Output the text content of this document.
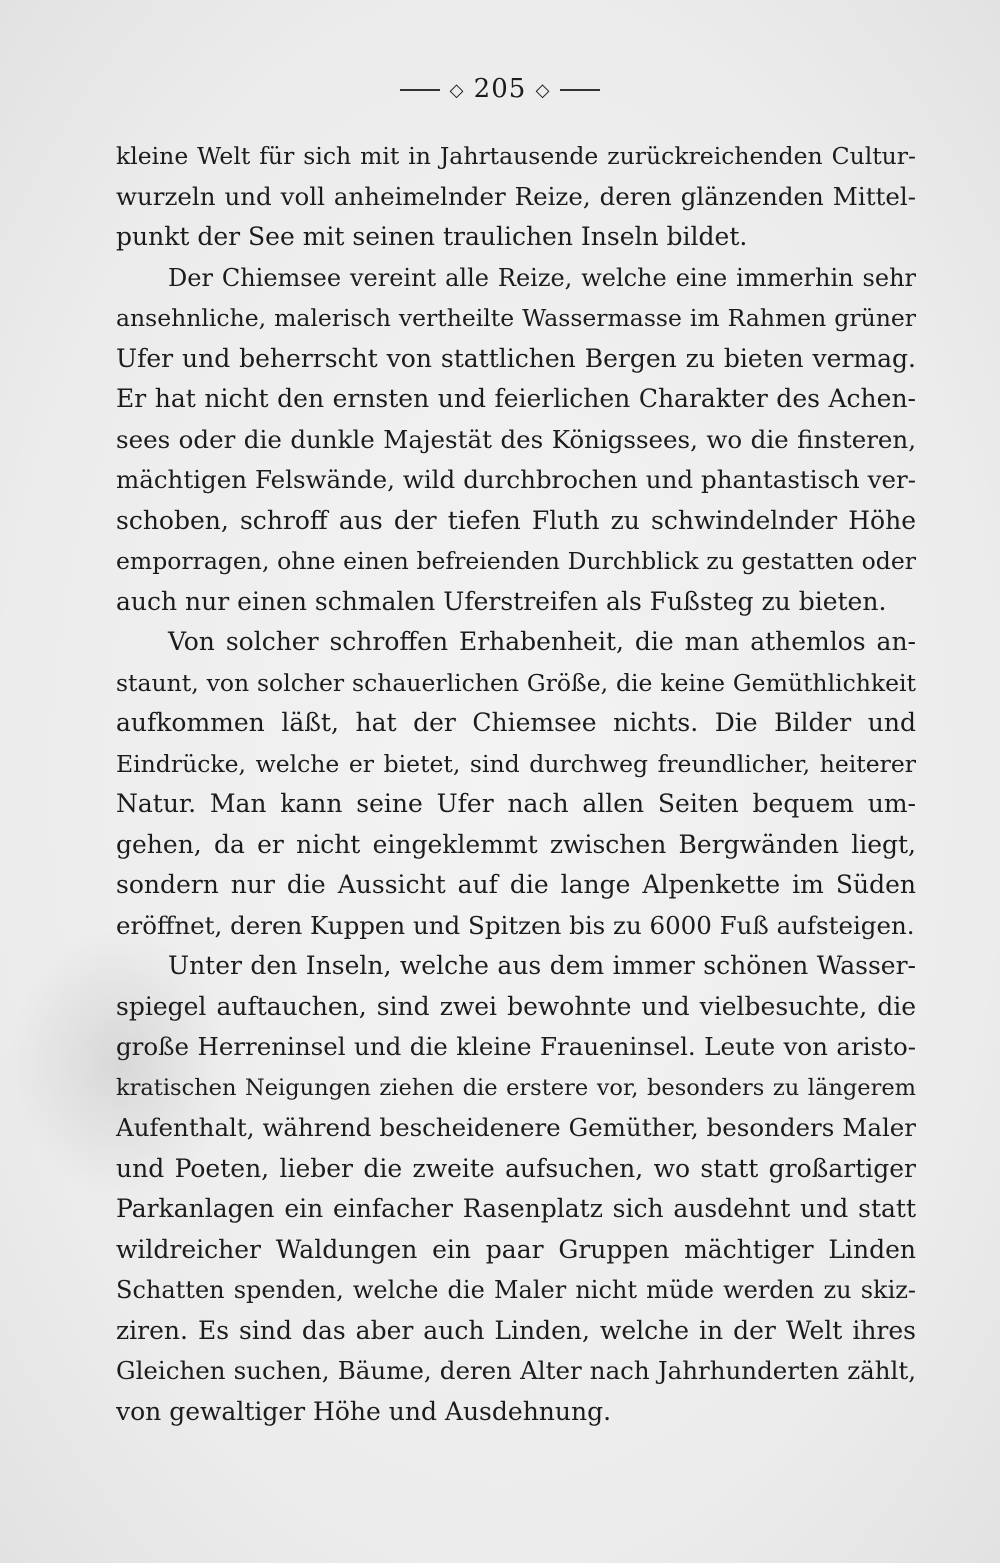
◇ 205 ◇
kleine Welt für sich mit in Jahrtausende zurückreichenden Cultur-
wurzeln und voll anheimelnder Reize, deren glänzenden Mittel-
punkt der See mit seinen traulichen Inseln bildet.
Der Chiemsee vereint alle Reize, welche eine immerhin sehr
ansehnliche, malerisch vertheilte Wassermasse im Rahmen grüner
Ufer und beherrscht von stattlichen Bergen zu bieten vermag.
Er hat nicht den ernsten und feierlichen Charakter des Achen-
sees oder die dunkle Majestät des Königssees, wo die finsteren,
mächtigen Felswände, wild durchbrochen und phantastisch ver-
schoben, schroff aus der tiefen Fluth zu schwindelnder Höhe
emporragen, ohne einen befreienden Durchblick zu gestatten oder
auch nur einen schmalen Uferstreifen als Fußsteg zu bieten.
Von solcher schroffen Erhabenheit, die man athemlos an-
staunt, von solcher schauerlichen Größe, die keine Gemüthlichkeit
aufkommen läßt, hat der Chiemsee nichts. Die Bilder und
Eindrücke, welche er bietet, sind durchweg freundlicher, heiterer
Natur. Man kann seine Ufer nach allen Seiten bequem um-
gehen, da er nicht eingeklemmt zwischen Bergwänden liegt,
sondern nur die Aussicht auf die lange Alpenkette im Süden
eröffnet, deren Kuppen und Spitzen bis zu 6000 Fuß aufsteigen.
Unter den Inseln, welche aus dem immer schönen Wasser-
spiegel auftauchen, sind zwei bewohnte und vielbesuchte, die
große Herreninsel und die kleine Fraueninsel. Leute von aristo-
kratischen Neigungen ziehen die erstere vor, besonders zu längerem
Aufenthalt, während bescheidenere Gemüther, besonders Maler
und Poeten, lieber die zweite aufsuchen, wo statt großartiger
Parkanlagen ein einfacher Rasenplatz sich ausdehnt und statt
wildreicher Waldungen ein paar Gruppen mächtiger Linden
Schatten spenden, welche die Maler nicht müde werden zu skiz-
ziren. Es sind das aber auch Linden, welche in der Welt ihres
Gleichen suchen, Bäume, deren Alter nach Jahrhunderten zählt,
von gewaltiger Höhe und Ausdehnung.
